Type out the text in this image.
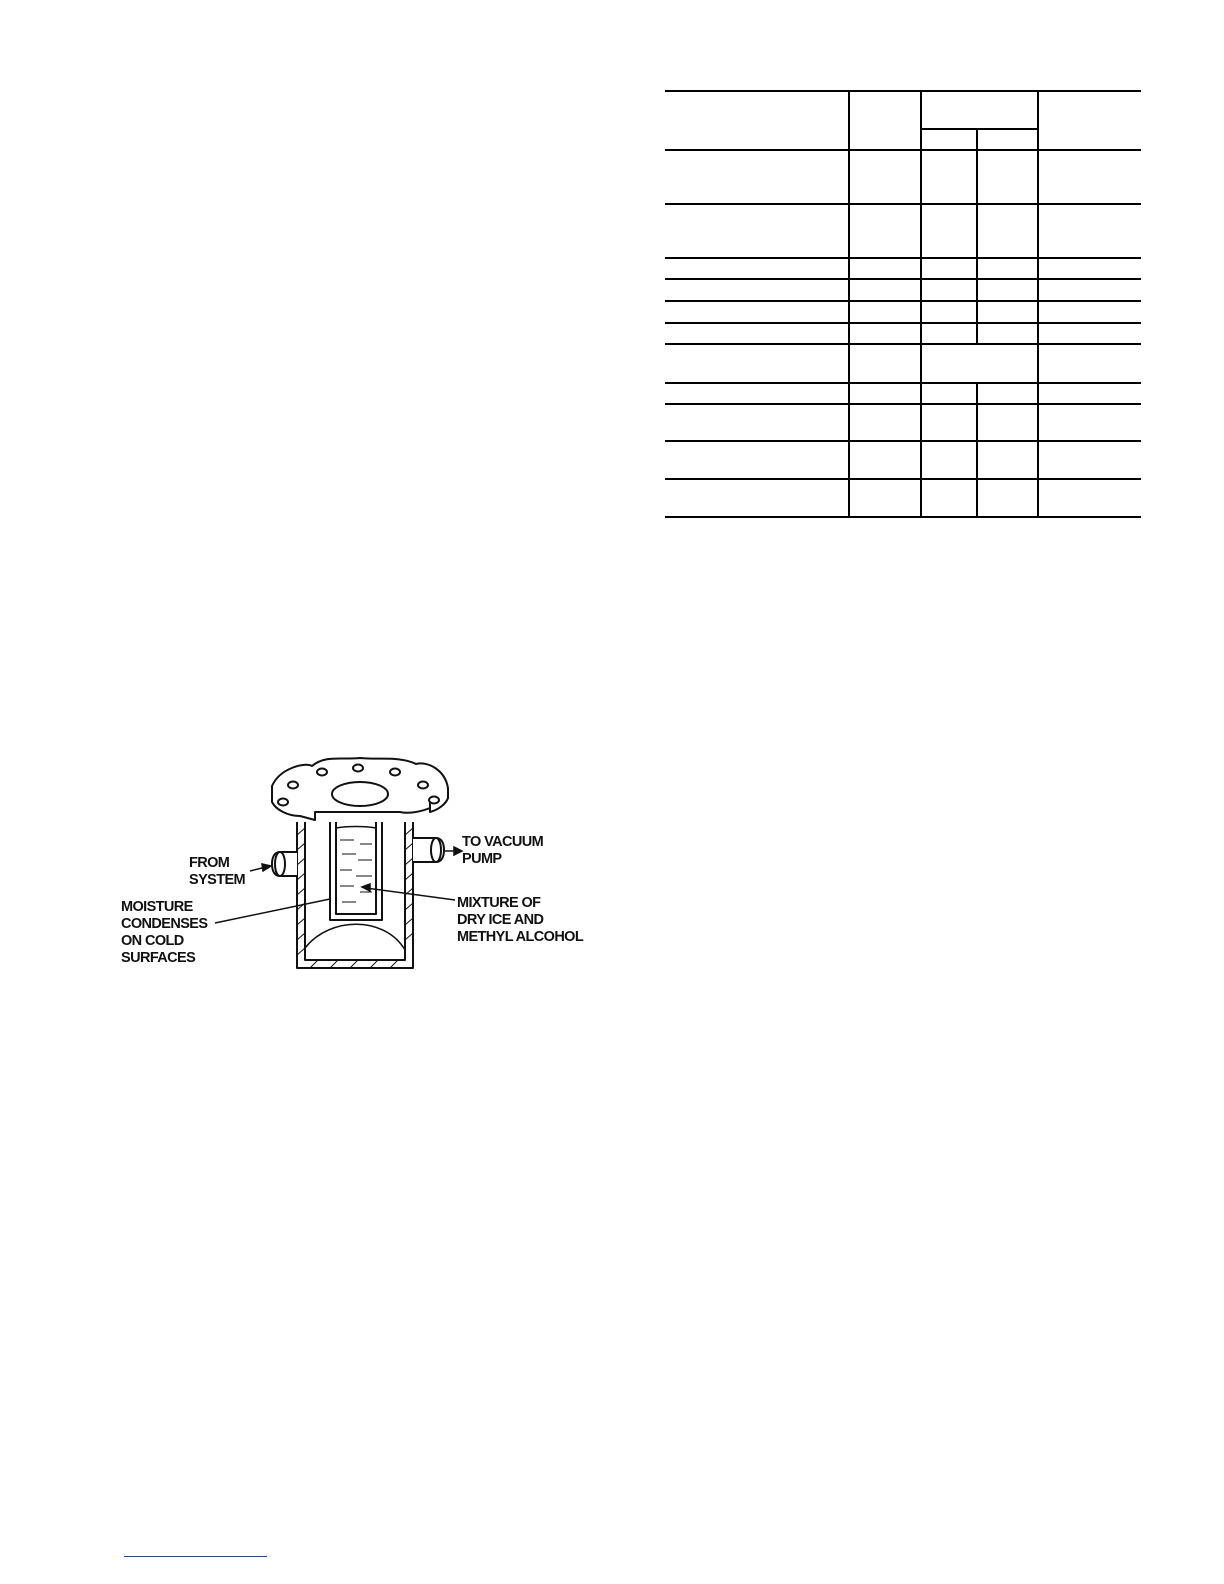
FROM
SYSTEM
TO VACUUM
PUMP
MOISTURE
CONDENSES
ON COLD
SURFACES
MIXTURE OF
DRY ICE AND
METHYL ALCOHOL
